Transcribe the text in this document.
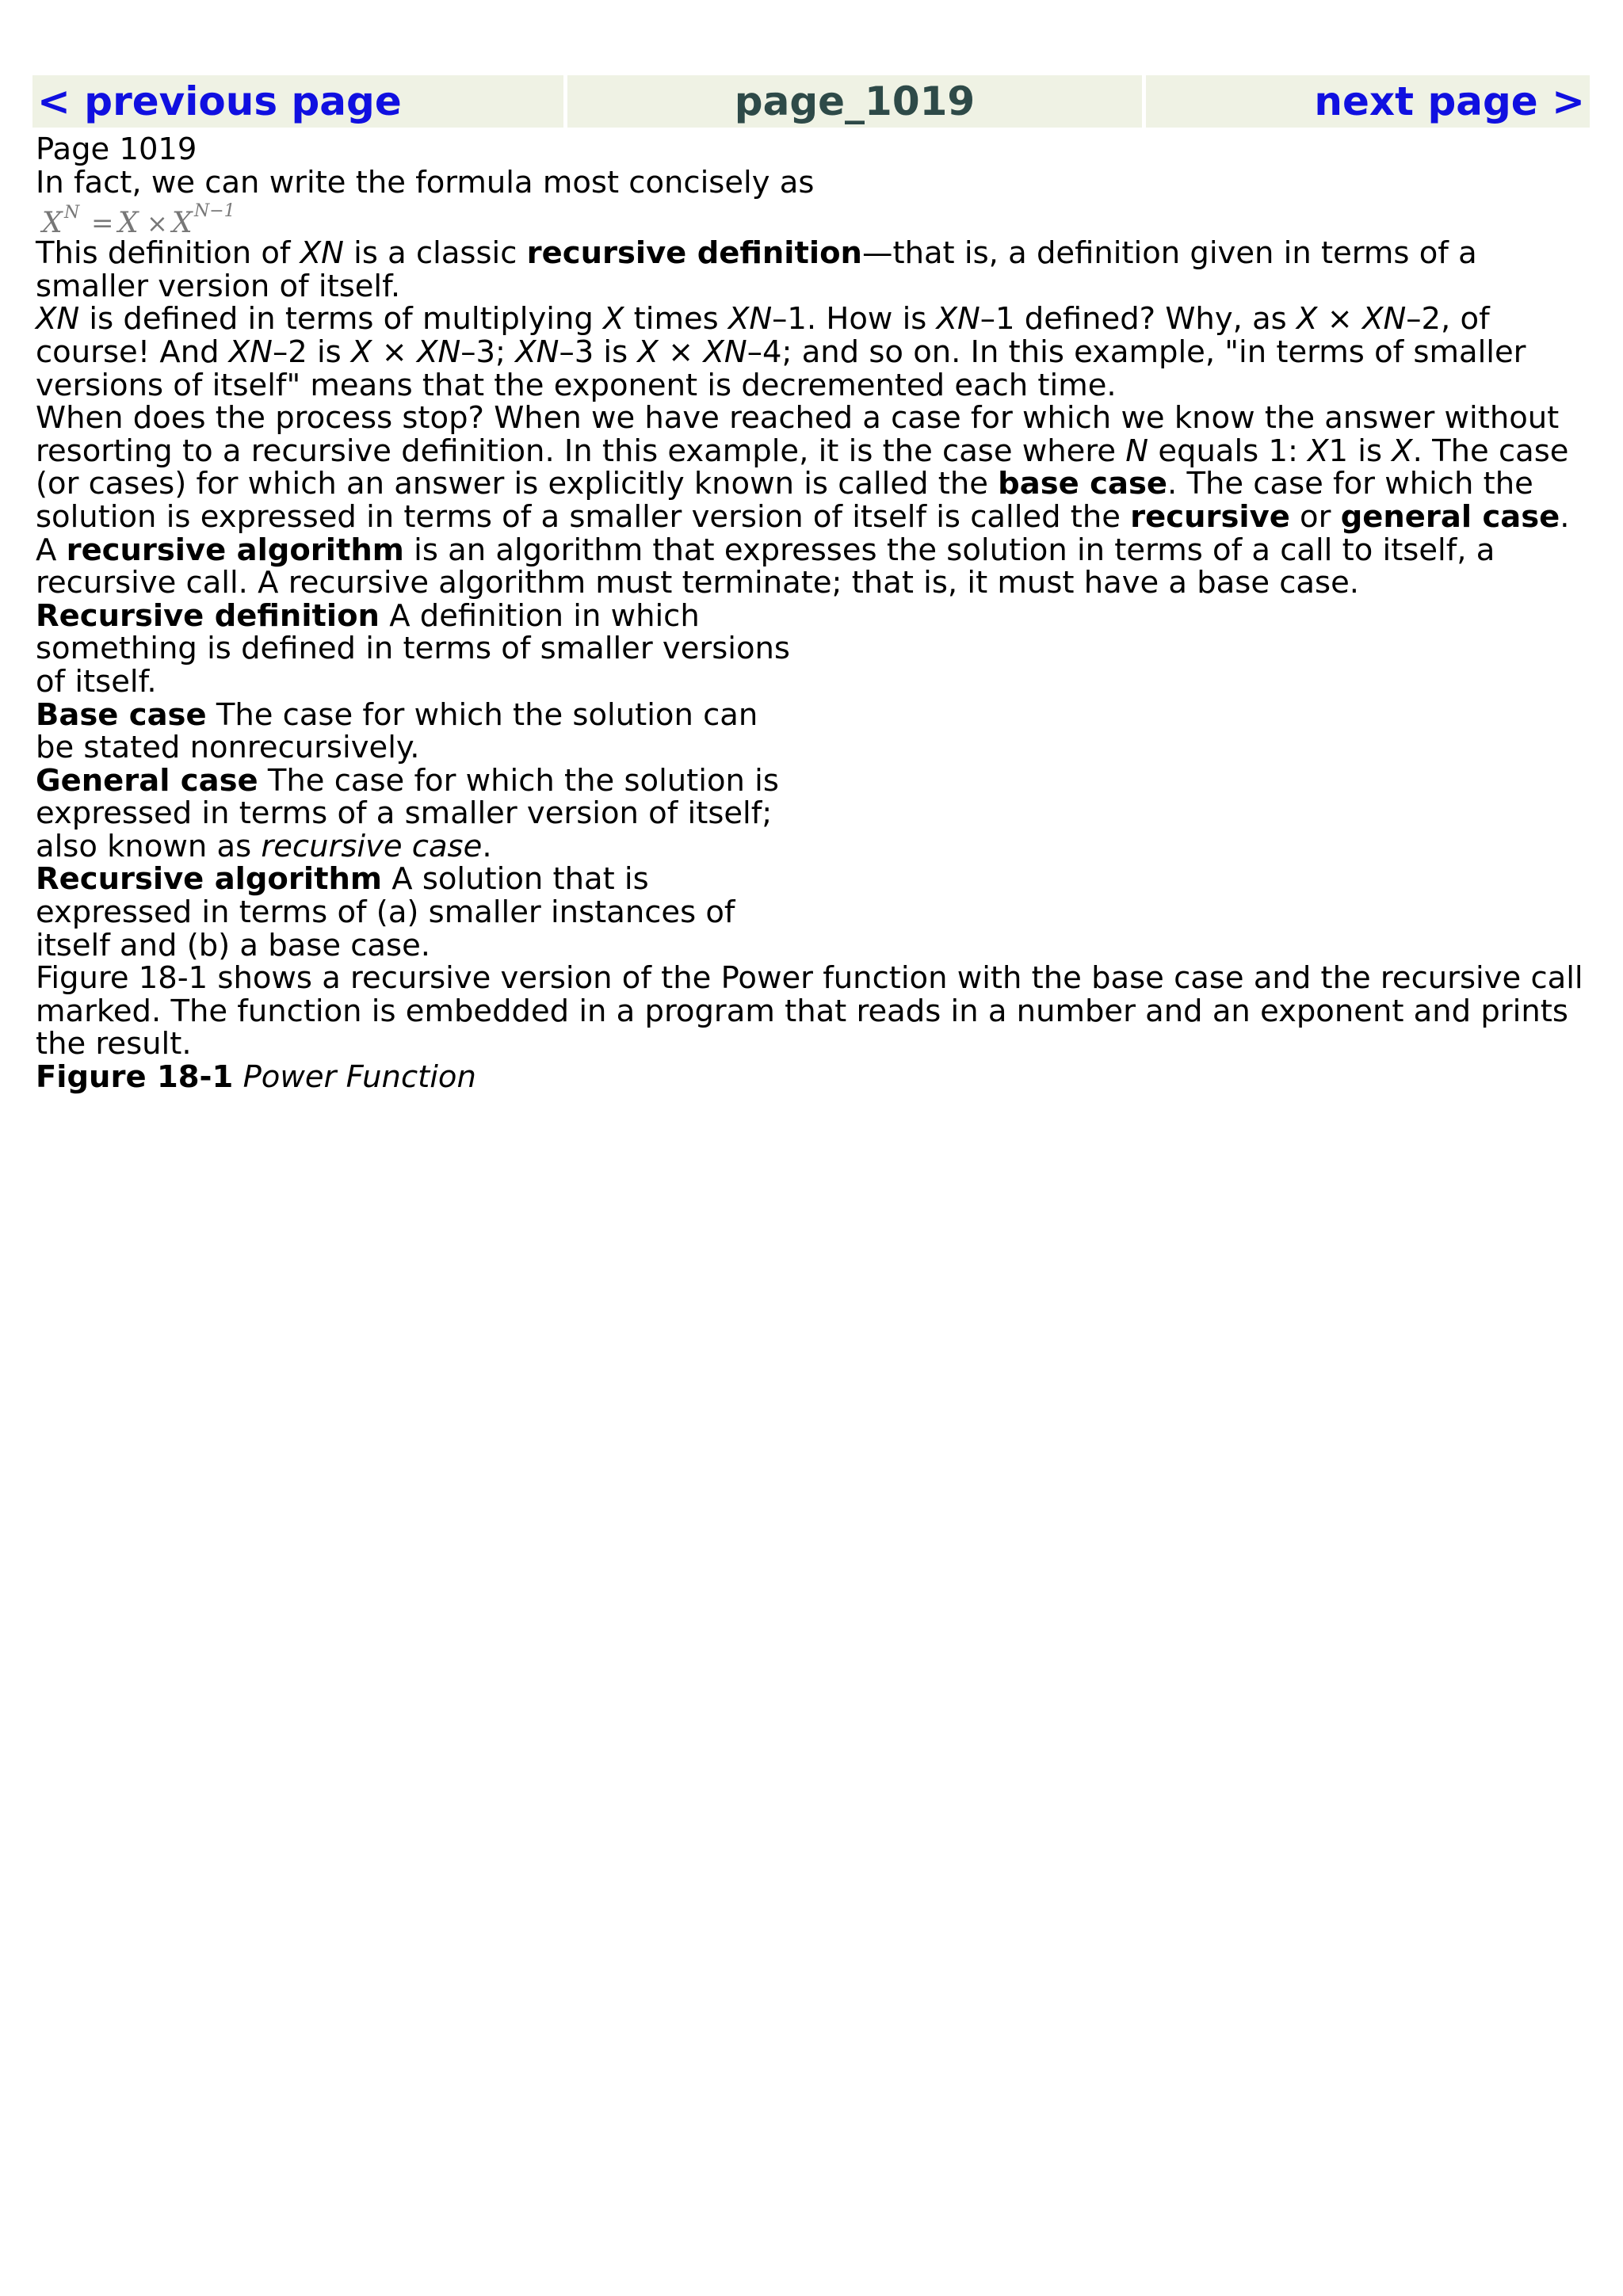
< previous page	page_1019	next page >

Page 1019

In fact, we can write the formula most concisely as

X N = X × X N−1

This definition of XN is a classic recursive definition—that is, a definition given in terms of a smaller version of itself.

XN is defined in terms of multiplying X times XN–1. How is XN–1 defined? Why, as X × XN–2, of course! And XN–2 is X × XN–3; XN–3 is X × XN–4; and so on. In this example, "in terms of smaller versions of itself" means that the exponent is decremented each time.

When does the process stop? When we have reached a case for which we know the answer without resorting to a recursive definition. In this example, it is the case where N equals 1: X1 is X. The case (or cases) for which an answer is explicitly known is called the base case. The case for which the solution is expressed in terms of a smaller version of itself is called the recursive or general case. A recursive algorithm is an algorithm that expresses the solution in terms of a call to itself, a recursive call. A recursive algorithm must terminate; that is, it must have a base case.

Recursive definition A definition in which something is defined in terms of smaller versions of itself.

Base case The case for which the solution can be stated nonrecursively.

General case The case for which the solution is expressed in terms of a smaller version of itself; also known as recursive case.

Recursive algorithm A solution that is expressed in terms of (a) smaller instances of itself and (b) a base case.

Figure 18-1 shows a recursive version of the Power function with the base case and the recursive call marked. The function is embedded in a program that reads in a number and an exponent and prints the result.

Figure 18-1 Power Function
